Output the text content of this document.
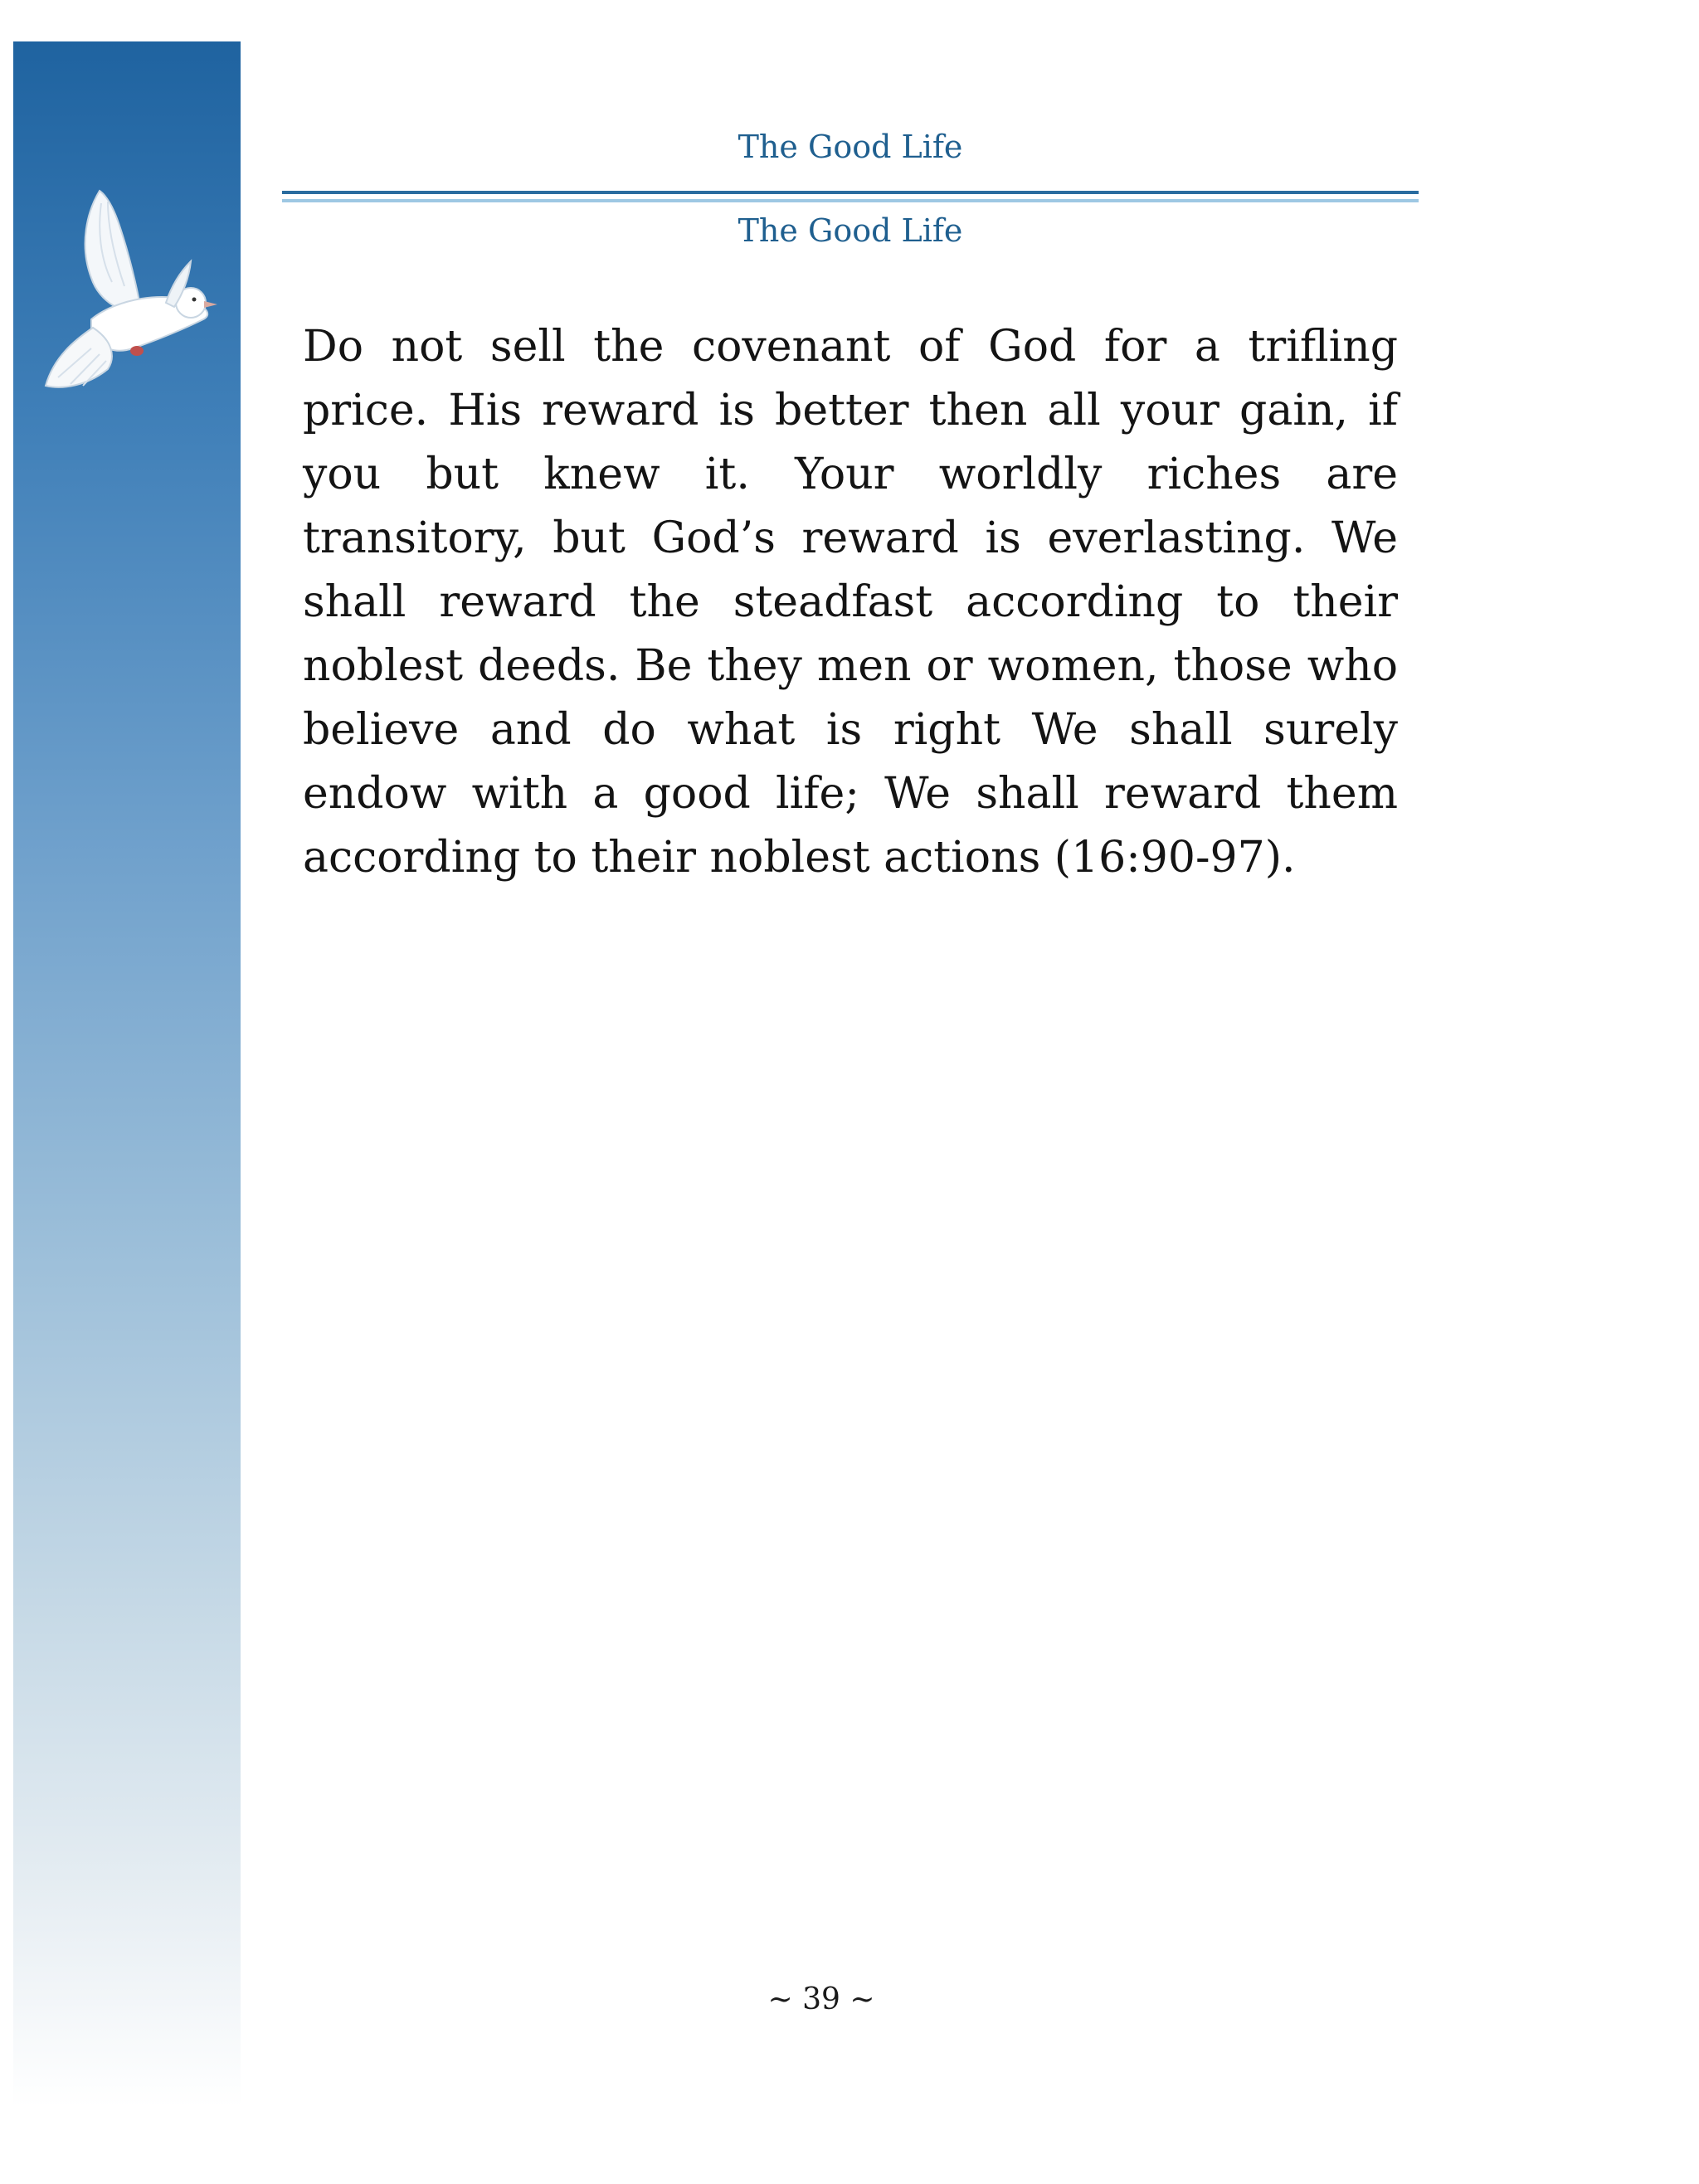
The Good Life
The Good Life

Do not sell the covenant of God for a trifling price. His reward is better then all your gain, if you but knew it. Your worldly riches are transitory, but God’s reward is everlasting. We shall reward the steadfast according to their noblest deeds. Be they men or women, those who believe and do what is right We shall surely endow with a good life; We shall reward them according to their noblest actions (16:90-97).

~ 39 ~
